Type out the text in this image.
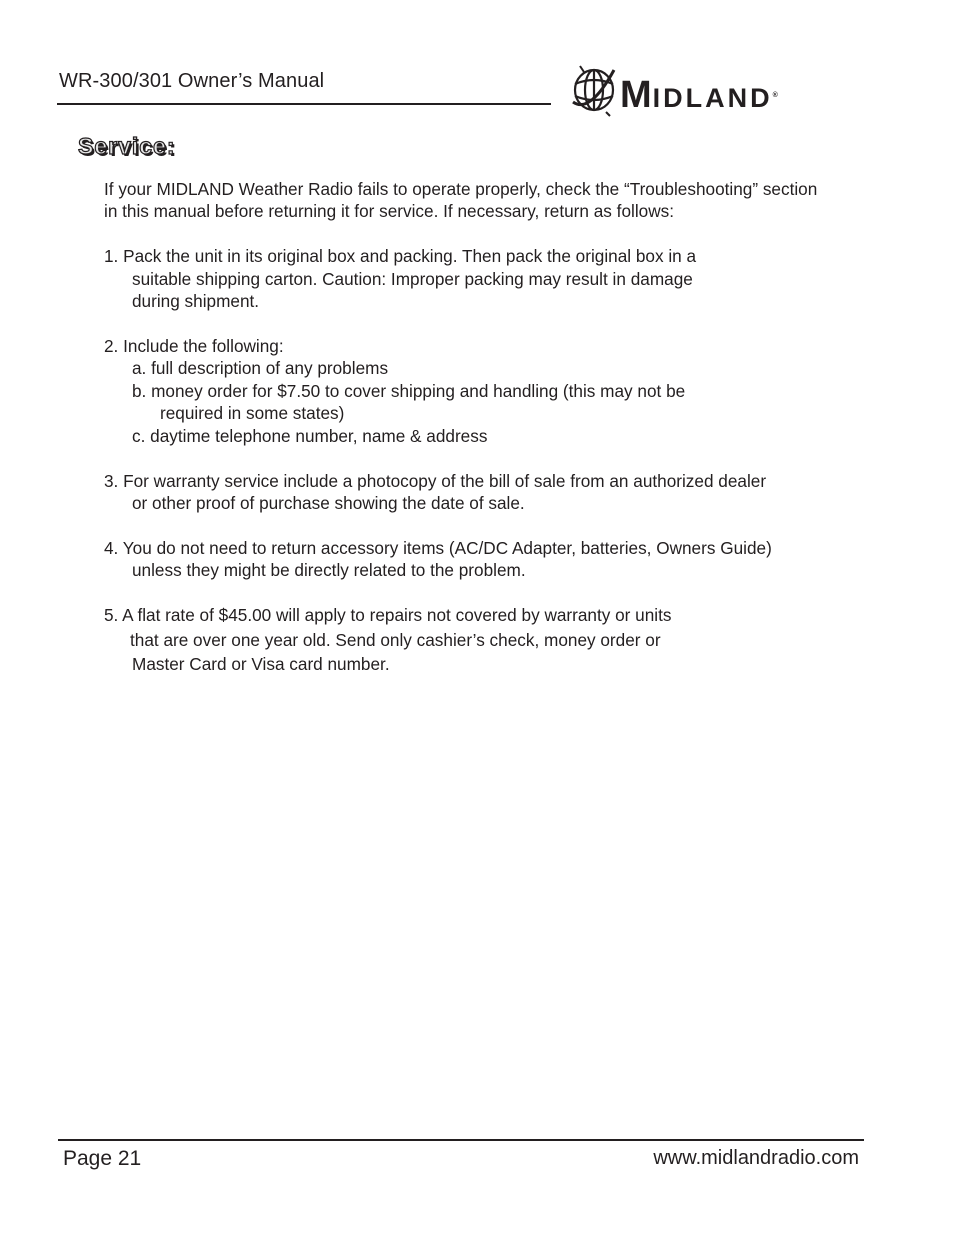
WR-300/301 Owner’s Manual	MIDLAND®
Service:
If your MIDLAND Weather Radio fails to operate properly, check the “Troubleshooting” section
in this manual before returning it for service. If necessary, return as follows:
1. Pack the unit in its original box and packing. Then pack the original box in a
suitable shipping carton. Caution: Improper packing may result in damage
during shipment.
2. Include the following:
a. full description of any problems
b. money order for $7.50 to cover shipping and handling (this may not be
required in some states)
c. daytime telephone number, name & address
3. For warranty service include a photocopy of the bill of sale from an authorized dealer
or other proof of purchase showing the date of sale.
4. You do not need to return accessory items (AC/DC Adapter, batteries, Owners Guide)
unless they might be directly related to the problem.
5. A flat rate of $45.00 will apply to repairs not covered by warranty or units
that are over one year old. Send only cashier’s check, money order or
Master Card or Visa card number.
Page 21	www.midlandradio.com
